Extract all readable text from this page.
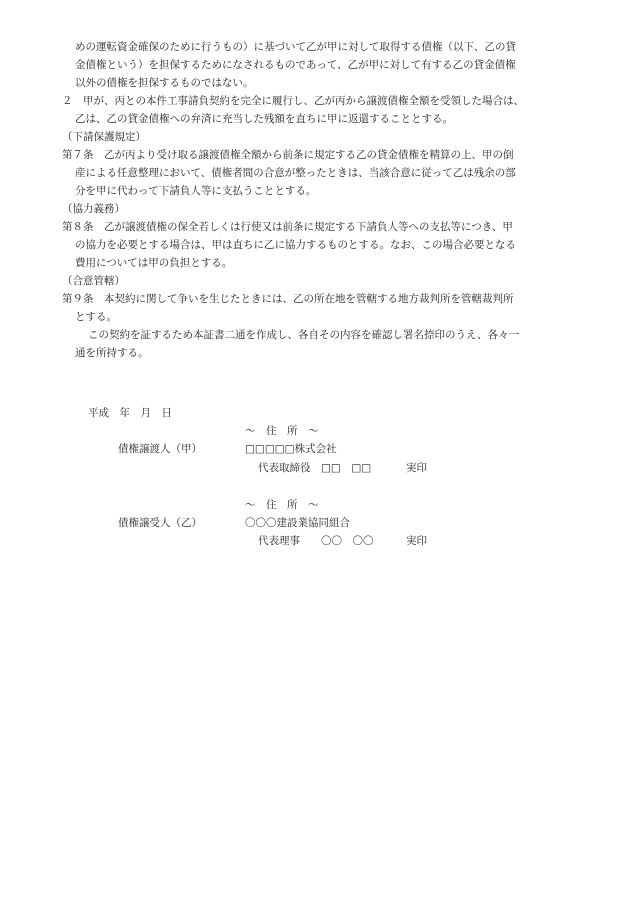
めの運転資金確保のために行うもの）に基づいて乙が甲に対して取得する債権（以下、乙の貸
金債権という）を担保するためになされるものであって、乙が甲に対して有する乙の貸金債権
以外の債権を担保するものではない。
２　甲が、丙との本件工事請負契約を完全に履行し、乙が丙から譲渡債権全額を受領した場合は、
乙は、乙の貸金債権への弁済に充当した残額を直ちに甲に返還することとする。
（下請保護規定）
第７条　乙が丙より受け取る譲渡債権全額から前条に規定する乙の貸金債権を精算の上、甲の倒
産による任意整理において、債権者間の合意が整ったときは、当該合意に従って乙は残余の部
分を甲に代わって下請負人等に支払うこととする。
（協力義務）
第８条　乙が譲渡債権の保全若しくは行使又は前条に規定する下請負人等への支払等につき、甲
の協力を必要とする場合は、甲は直ちに乙に協力するものとする。なお、この場合必要となる
費用については甲の負担とする。
（合意管轄）
第９条　本契約に関して争いを生じたときには、乙の所在地を管轄する地方裁判所を管轄裁判所
とする。
この契約を証するため本証書二通を作成し、各自その内容を確認し署名捺印のうえ、各々一
通を所持する。
平成　年　月　日
〜　住　所　〜
債権譲渡人（甲）	□□□□□株式会社
代表取締役　□□　□□	実印
〜　住　所　〜
債権譲受人（乙）	〇〇〇建設業協同組合
代表理事　　〇〇　〇〇	実印
